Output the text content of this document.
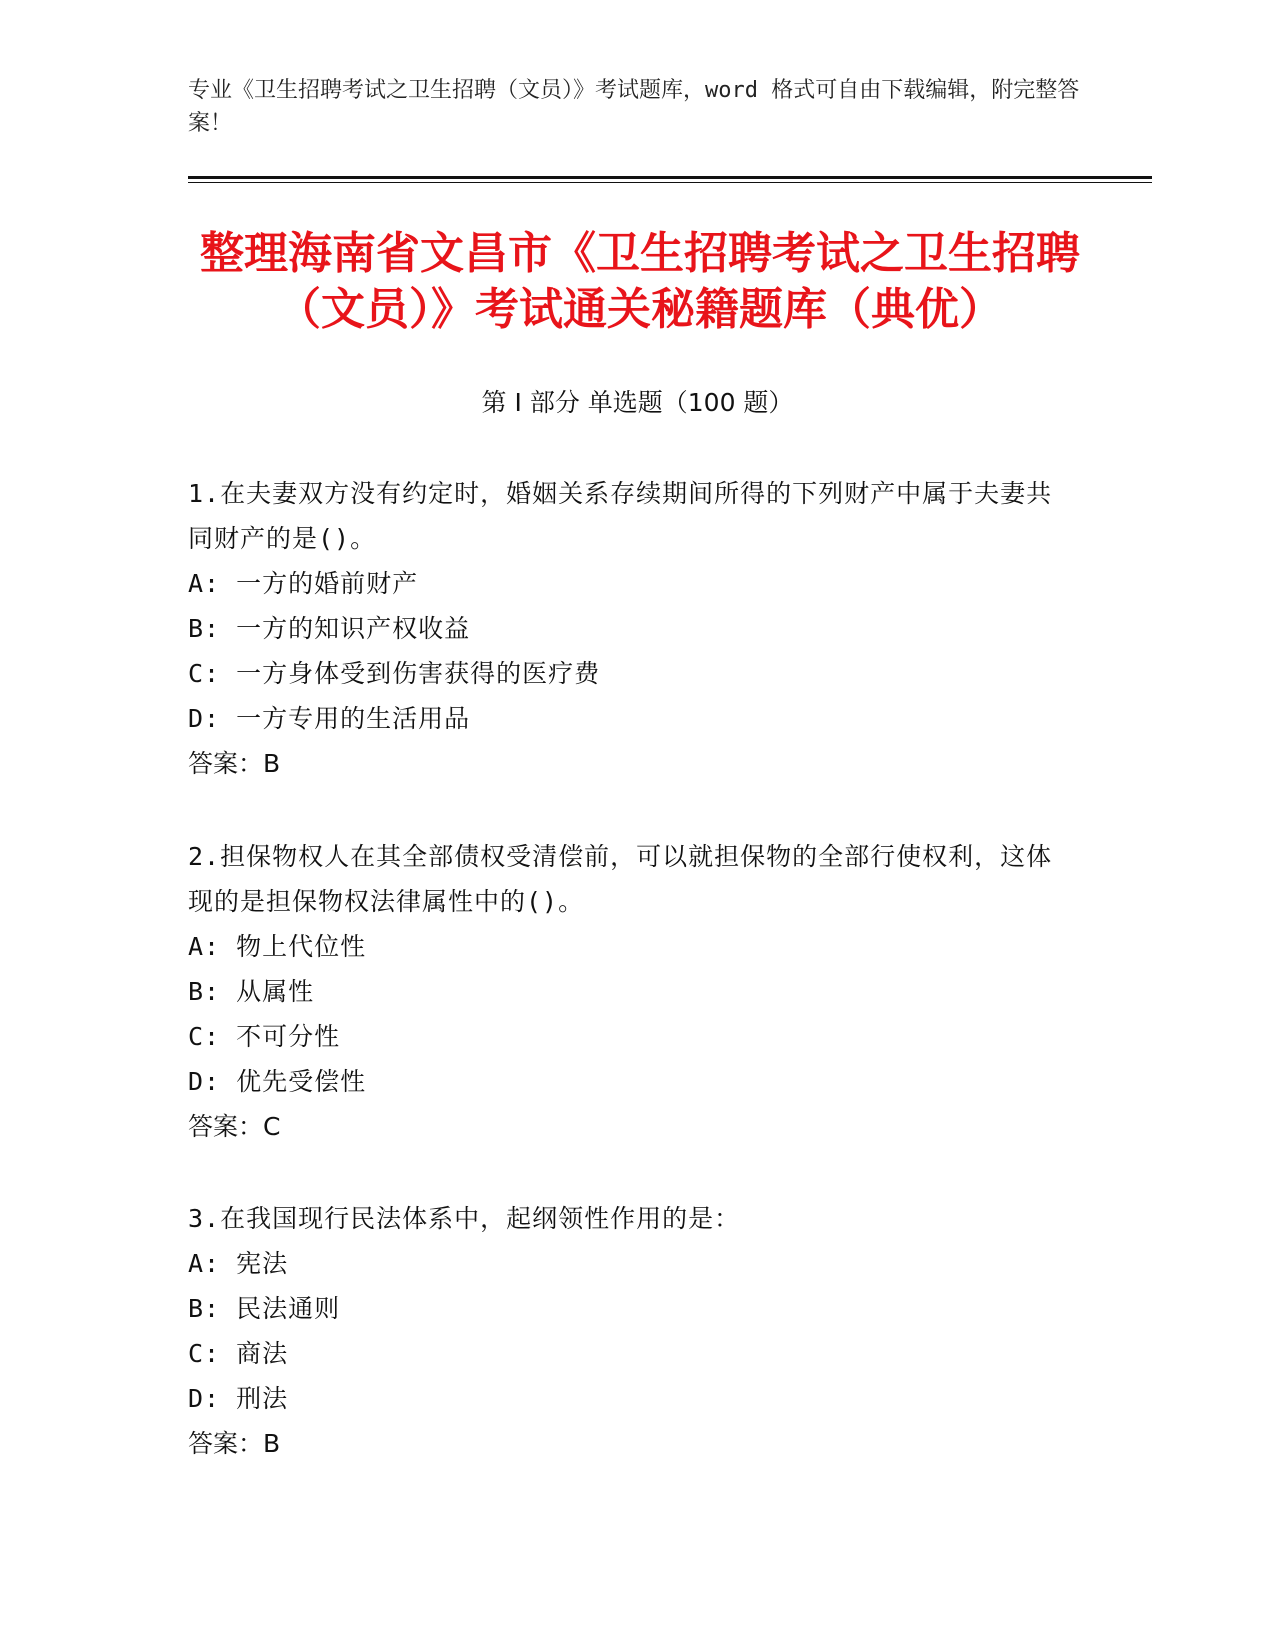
专业《卫生招聘考试之卫生招聘（文员）》考试题库，word 格式可自由下载编辑，附完整答案！
整理海南省文昌市《卫生招聘考试之卫生招聘（文员）》考试通关秘籍题库（典优）
第 I 部分 单选题（100 题）
1.在夫妻双方没有约定时，婚姻关系存续期间所得的下列财产中属于夫妻共同财产的是()。
A: 一方的婚前财产
B: 一方的知识产权收益
C: 一方身体受到伤害获得的医疗费
D: 一方专用的生活用品
答案：B
2.担保物权人在其全部债权受清偿前，可以就担保物的全部行使权利，这体现的是担保物权法律属性中的()。
A: 物上代位性
B: 从属性
C: 不可分性
D: 优先受偿性
答案：C
3.在我国现行民法体系中，起纲领性作用的是：
A: 宪法
B: 民法通则
C: 商法
D: 刑法
答案：B
